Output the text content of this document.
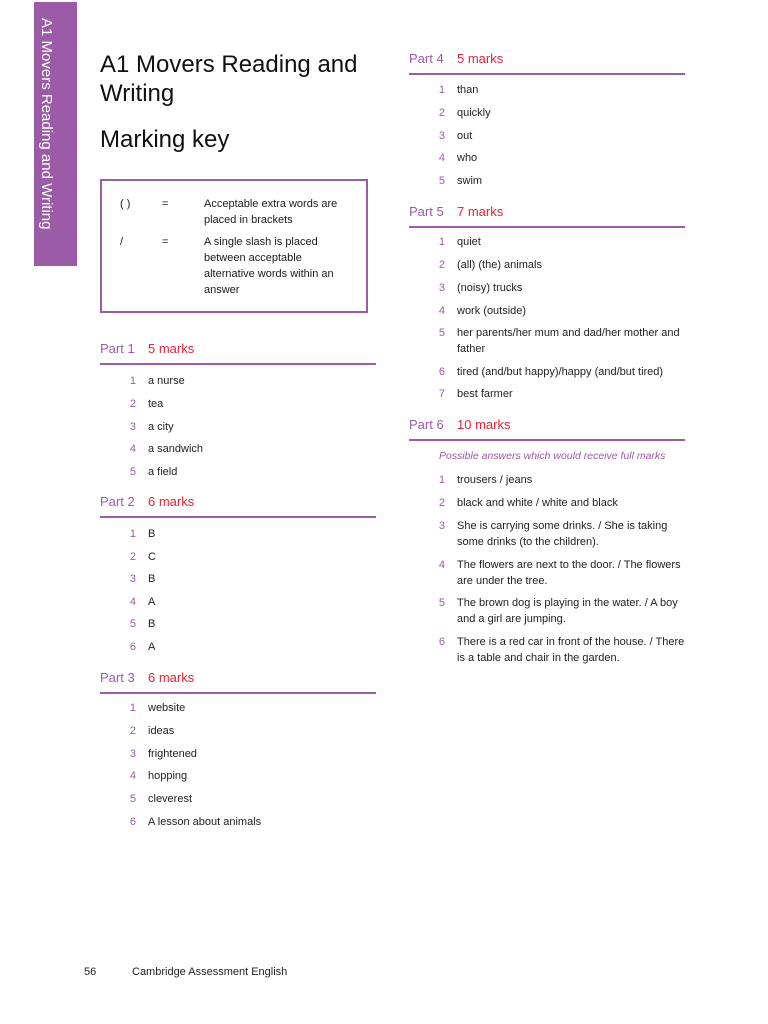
A1 Movers Reading and Writing A1 Movers Reading and Writing
Marking key
( )	=	Acceptable extra words are placed in brackets
/	=	A single slash is placed between acceptable alternative words within an answer
Part 1 5 marks
1 a nurse
2 tea
3 a city
4 a sandwich
5 a field
Part 2 6 marks
1 B
2 C
3 B
4 A
5 B
6 A
Part 3 6 marks
1 website
2 ideas
3 frightened
4 hopping
5 cleverest
6 A lesson about animals
Part 4 5 marks
1 than
2 quickly
3 out
4 who
5 swim
Part 5 7 marks
1 quiet
2 (all) (the) animals
3 (noisy) trucks
4 work (outside)
5 her parents/her mum and dad/her mother and father
6 tired (and/but happy)/happy (and/but tired)
7 best farmer
Part 6 10 marks
Possible answers which would receive full marks
1 trousers / jeans
2 black and white / white and black
3 She is carrying some drinks. / She is taking some drinks (to the children).
4 The flowers are next to the door. / The flowers are under the tree.
5 The brown dog is playing in the water. / A boy and a girl are jumping.
6 There is a red car in front of the house. / There is a table and chair in the garden.
56	Cambridge Assessment English
